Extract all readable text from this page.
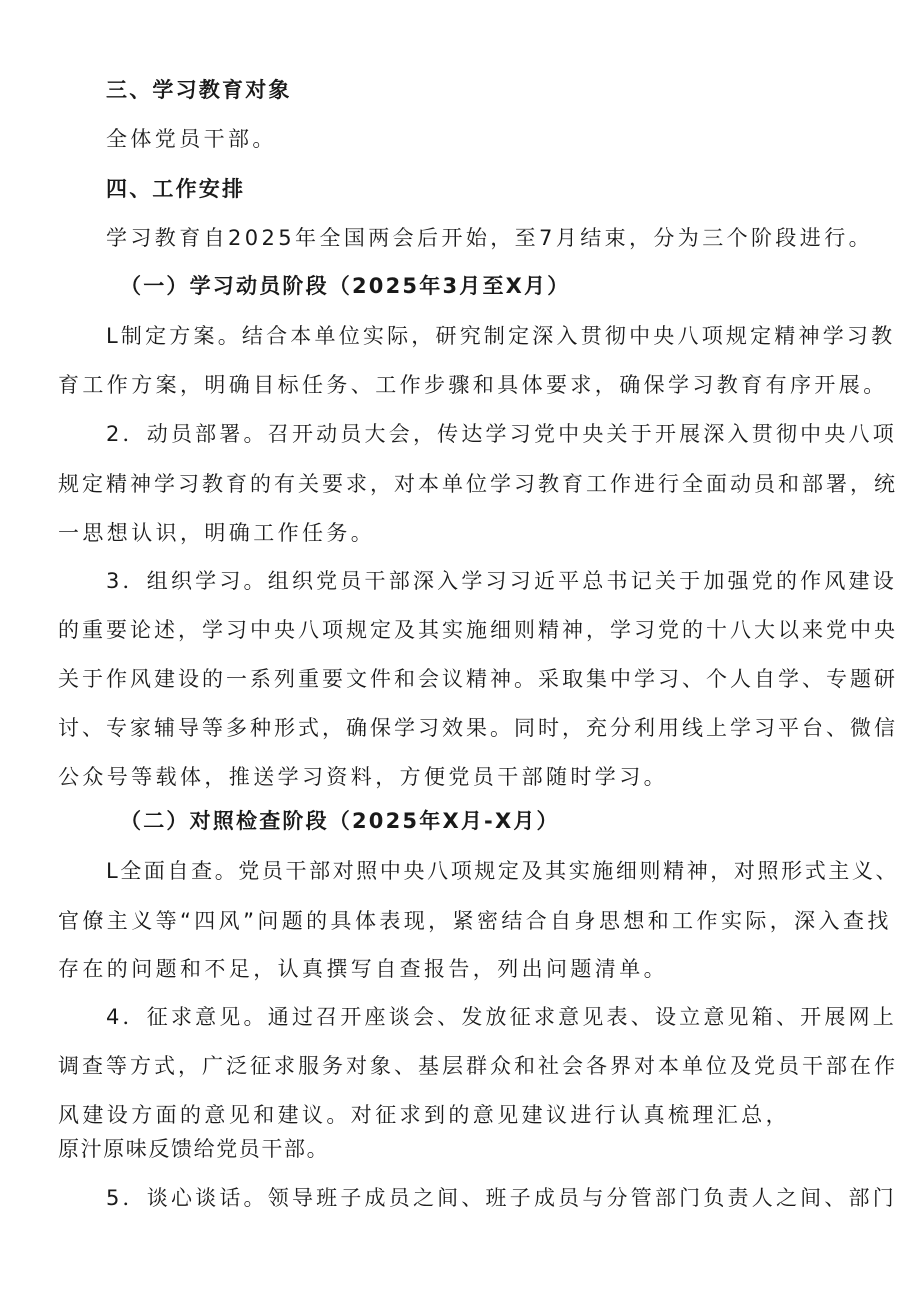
三、学习教育对象
全体党员干部。
四、工作安排
学习教育自2025年全国两会后开始，至7月结束，分为三个阶段进行。
（一）学习动员阶段（2025年3月至X月）
L制定方案。结合本单位实际，研究制定深入贯彻中央八项规定精神学习教
育工作方案，明确目标任务、工作步骤和具体要求，确保学习教育有序开展。
2．动员部署。召开动员大会，传达学习党中央关于开展深入贯彻中央八项
规定精神学习教育的有关要求，对本单位学习教育工作进行全面动员和部署，统
一思想认识，明确工作任务。
3．组织学习。组织党员干部深入学习习近平总书记关于加强党的作风建设
的重要论述，学习中央八项规定及其实施细则精神，学习党的十八大以来党中央
关于作风建设的一系列重要文件和会议精神。采取集中学习、个人自学、专题研
讨、专家辅导等多种形式，确保学习效果。同时，充分利用线上学习平台、微信
公众号等载体，推送学习资料，方便党员干部随时学习。
（二）对照检查阶段（2025年X月-X月）
L全面自查。党员干部对照中央八项规定及其实施细则精神，对照形式主义、
官僚主义等“四风”问题的具体表现，紧密结合自身思想和工作实际，深入查找
存在的问题和不足，认真撰写自查报告，列出问题清单。
4．征求意见。通过召开座谈会、发放征求意见表、设立意见箱、开展网上
调查等方式，广泛征求服务对象、基层群众和社会各界对本单位及党员干部在作
风建设方面的意见和建议。对征求到的意见建议进行认真梳理汇总，
原汁原味反馈给党员干部。
5．谈心谈话。领导班子成员之间、班子成员与分管部门负责人之间、部门
